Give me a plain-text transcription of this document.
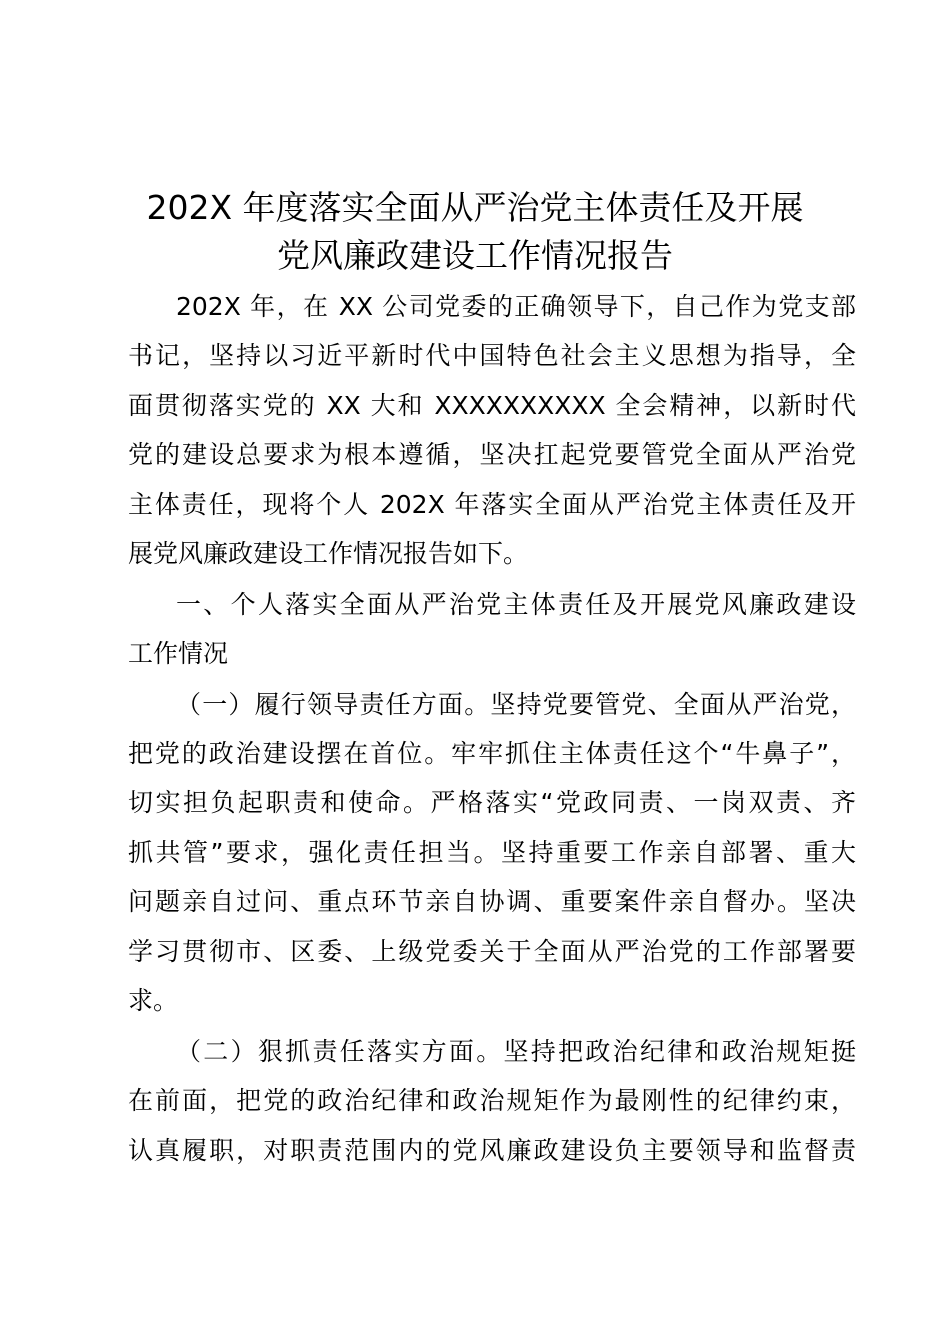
202X 年度落实全面从严治党主体责任及开展
党风廉政建设工作情况报告
202X 年，在 XX 公司党委的正确领导下，自己作为党支部
书记，坚持以习近平新时代中国特色社会主义思想为指导，全
面贯彻落实党的 XX 大和 XXXXXXXXXX 全会精神，以新时代
党的建设总要求为根本遵循，坚决扛起党要管党全面从严治党
主体责任，现将个人 202X 年落实全面从严治党主体责任及开
展党风廉政建设工作情况报告如下。
一、个人落实全面从严治党主体责任及开展党风廉政建设
工作情况
（一）履行领导责任方面。坚持党要管党、全面从严治党，
把党的政治建设摆在首位。牢牢抓住主体责任这个“牛鼻子”，
切实担负起职责和使命。严格落实“党政同责、一岗双责、齐
抓共管”要求，强化责任担当。坚持重要工作亲自部署、重大
问题亲自过问、重点环节亲自协调、重要案件亲自督办。坚决
学习贯彻市、区委、上级党委关于全面从严治党的工作部署要
求。
（二）狠抓责任落实方面。坚持把政治纪律和政治规矩挺
在前面，把党的政治纪律和政治规矩作为最刚性的纪律约束，
认真履职，对职责范围内的党风廉政建设负主要领导和监督责
